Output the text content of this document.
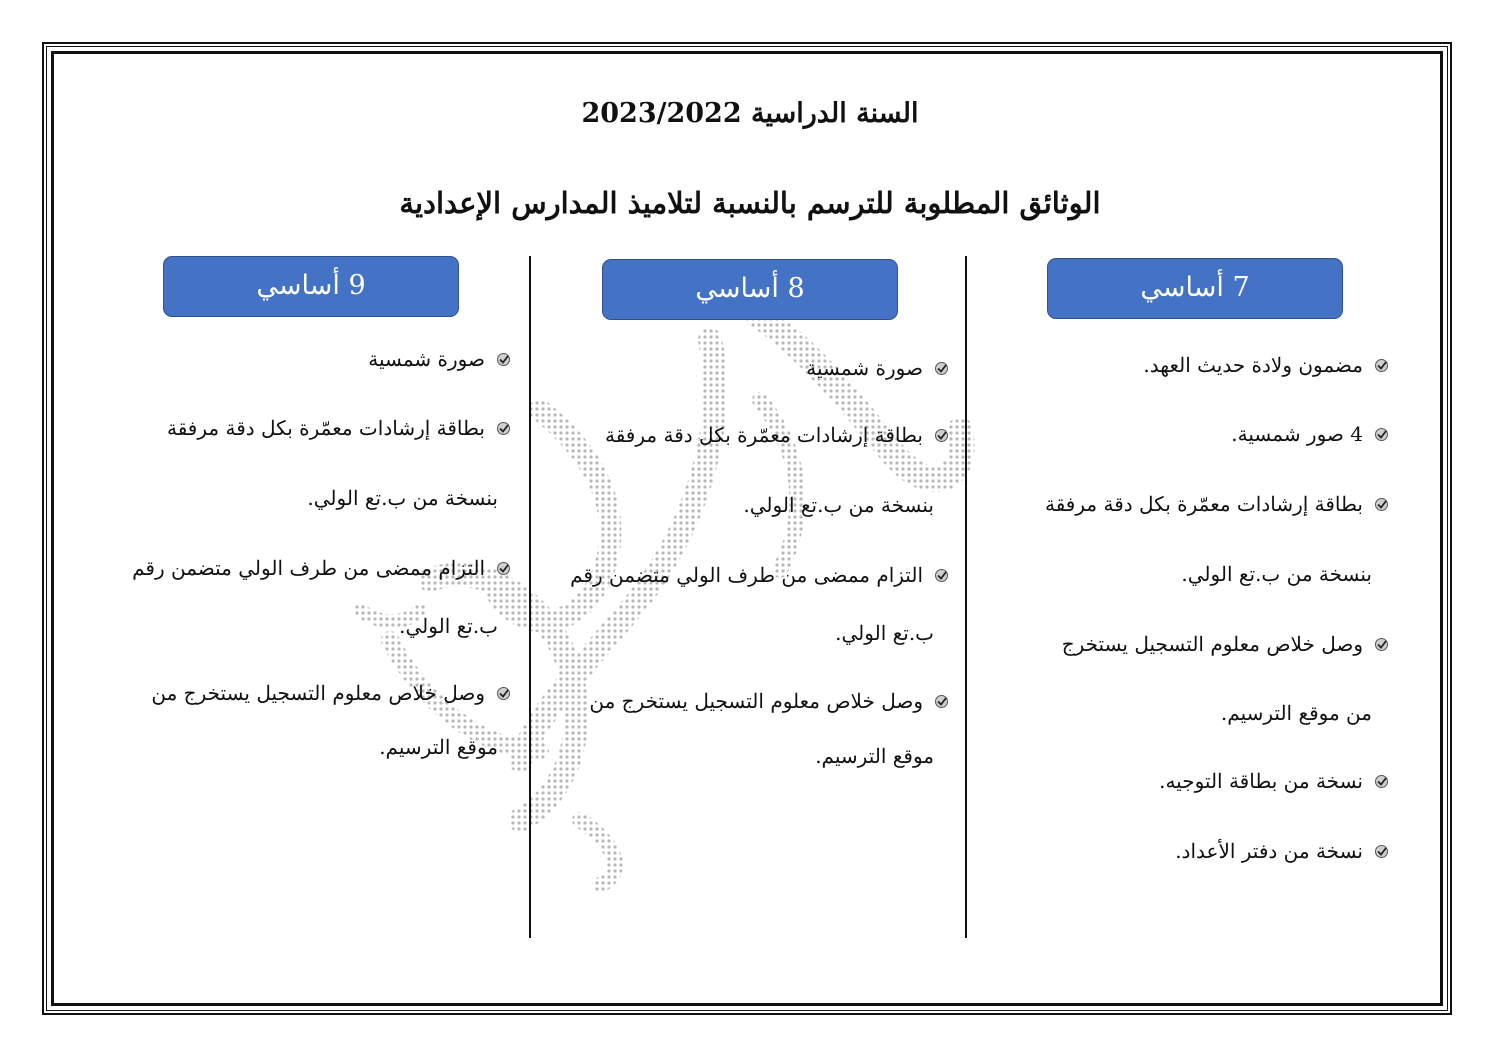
السنة الدراسية 2023/2022
الوثائق المطلوبة للترسم بالنسبة لتلاميذ المدارس الإعدادية
7 أساسي
8 أساسي
9 أساسي
مضمون ولادة حديث العهد.
4 صور شمسية.
بطاقة إرشادات معمّرة بكل دقة مرفقة
بنسخة من ب.تع الولي.
وصل خلاص معلوم التسجيل يستخرج
من موقع الترسيم.
نسخة من بطاقة التوجيه.
نسخة من دفتر الأعداد.
صورة شمسية
بطاقة إرشادات معمّرة بكل دقة مرفقة
بنسخة من ب.تع الولي.
التزام ممضى من طرف الولي متضمن رقم
ب.تع الولي.
وصل خلاص معلوم التسجيل يستخرج من
موقع الترسيم.
صورة شمسية
بطاقة إرشادات معمّرة بكل دقة مرفقة
بنسخة من ب.تع الولي.
التزام ممضى من طرف الولي متضمن رقم
ب.تع الولي.
وصل خلاص معلوم التسجيل يستخرج من
موقع الترسيم.
